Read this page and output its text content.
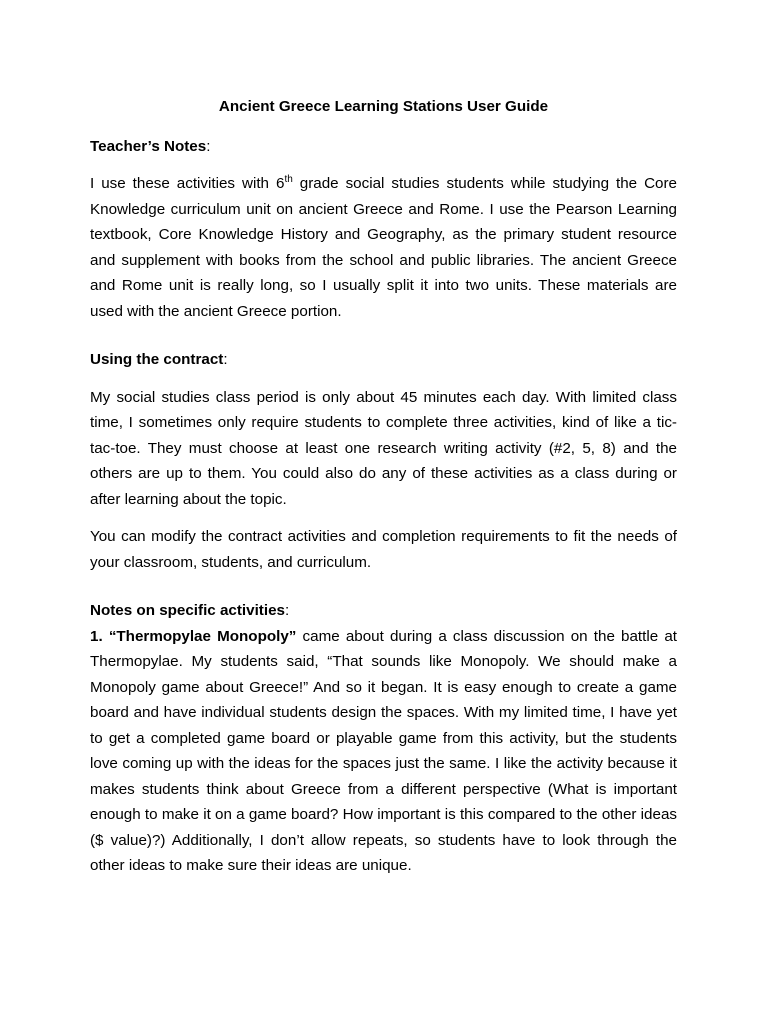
Ancient Greece Learning Stations User Guide
Teacher’s Notes:
I use these activities with 6th grade social studies students while studying the Core Knowledge curriculum unit on ancient Greece and Rome. I use the Pearson Learning textbook, Core Knowledge History and Geography, as the primary student resource and supplement with books from the school and public libraries. The ancient Greece and Rome unit is really long, so I usually split it into two units. These materials are used with the ancient Greece portion.
Using the contract:
My social studies class period is only about 45 minutes each day. With limited class time, I sometimes only require students to complete three activities, kind of like a tic-tac-toe. They must choose at least one research writing activity (#2, 5, 8) and the others are up to them. You could also do any of these activities as a class during or after learning about the topic.
You can modify the contract activities and completion requirements to fit the needs of your classroom, students, and curriculum.
Notes on specific activities:
1. “Thermopylae Monopoly” came about during a class discussion on the battle at Thermopylae. My students said, “That sounds like Monopoly. We should make a Monopoly game about Greece!” And so it began. It is easy enough to create a game board and have individual students design the spaces. With my limited time, I have yet to get a completed game board or playable game from this activity, but the students love coming up with the ideas for the spaces just the same. I like the activity because it makes students think about Greece from a different perspective (What is important enough to make it on a game board? How important is this compared to the other ideas ($ value)?) Additionally, I don’t allow repeats, so students have to look through the other ideas to make sure their ideas are unique.
